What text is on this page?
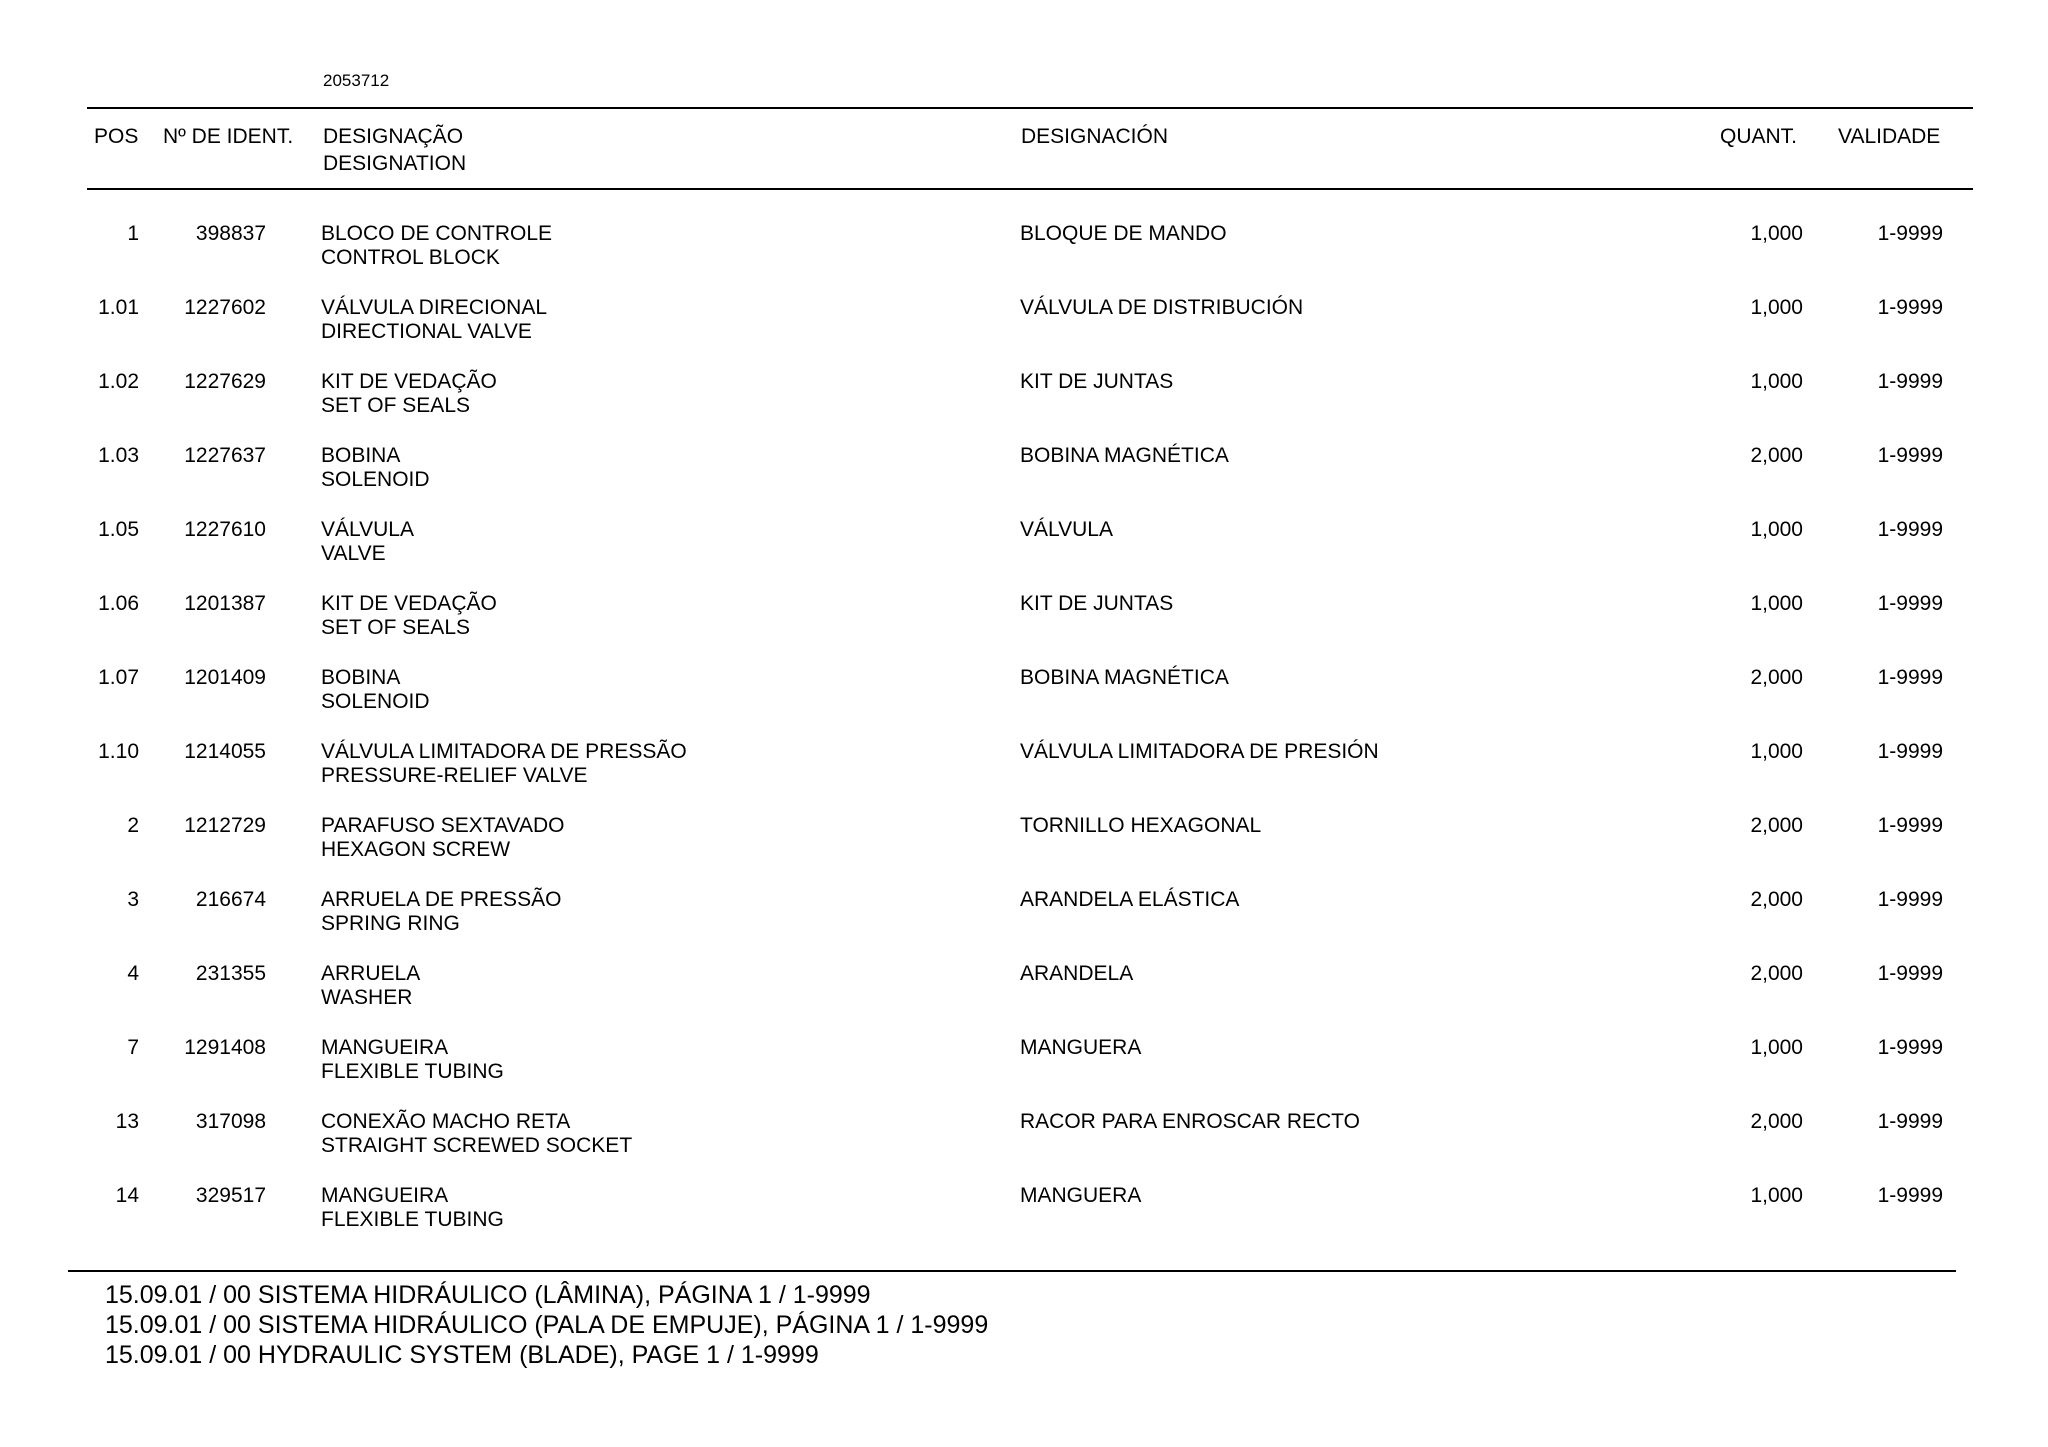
2053712
POS Nº DE IDENT. DESIGNAÇÃO
DESIGNATION
DESIGNACIÓN	QUANT. VALIDADE
1	398837	BLOCO DE CONTROLE
CONTROL BLOCK
BLOQUE DE MANDO	1,000	1-9999
1.01 1227602	VÁLVULA DIRECIONAL
DIRECTIONAL VALVE
VÁLVULA DE DISTRIBUCIÓN	1,000	1-9999
1.02 1227629	KIT DE VEDAÇÃO
SET OF SEALS
KIT DE JUNTAS	1,000	1-9999
1.03 1227637	BOBINA
SOLENOID
BOBINA MAGNÉTICA	2,000	1-9999
1.05 1227610	VÁLVULA
VALVE
VÁLVULA	1,000	1-9999
1.06 1201387	KIT DE VEDAÇÃO
SET OF SEALS
KIT DE JUNTAS	1,000	1-9999
1.07 1201409	BOBINA
SOLENOID
BOBINA MAGNÉTICA	2,000	1-9999
1.10 1214055	VÁLVULA LIMITADORA DE PRESSÃO
PRESSURE-RELIEF VALVE
VÁLVULA LIMITADORA DE PRESIÓN	1,000	1-9999
2 1212729	PARAFUSO SEXTAVADO
HEXAGON SCREW
TORNILLO HEXAGONAL	2,000	1-9999
3	216674	ARRUELA DE PRESSÃO
SPRING RING
ARANDELA ELÁSTICA	2,000	1-9999
4	231355	ARRUELA
WASHER
ARANDELA	2,000	1-9999
7 1291408	MANGUEIRA
FLEXIBLE TUBING
MANGUERA	1,000	1-9999
13	317098	CONEXÃO MACHO RETA
STRAIGHT SCREWED SOCKET
RACOR PARA ENROSCAR RECTO	2,000	1-9999
14	329517	MANGUEIRA
FLEXIBLE TUBING
MANGUERA	1,000	1-9999
15.09.01 / 00 SISTEMA HIDRÁULICO (LÂMINA), PÁGINA 1 / 1-9999
15.09.01 / 00 SISTEMA HIDRÁULICO (PALA DE EMPUJE), PÁGINA 1 / 1-9999
15.09.01 / 00 HYDRAULIC SYSTEM (BLADE), PAGE 1 / 1-9999
